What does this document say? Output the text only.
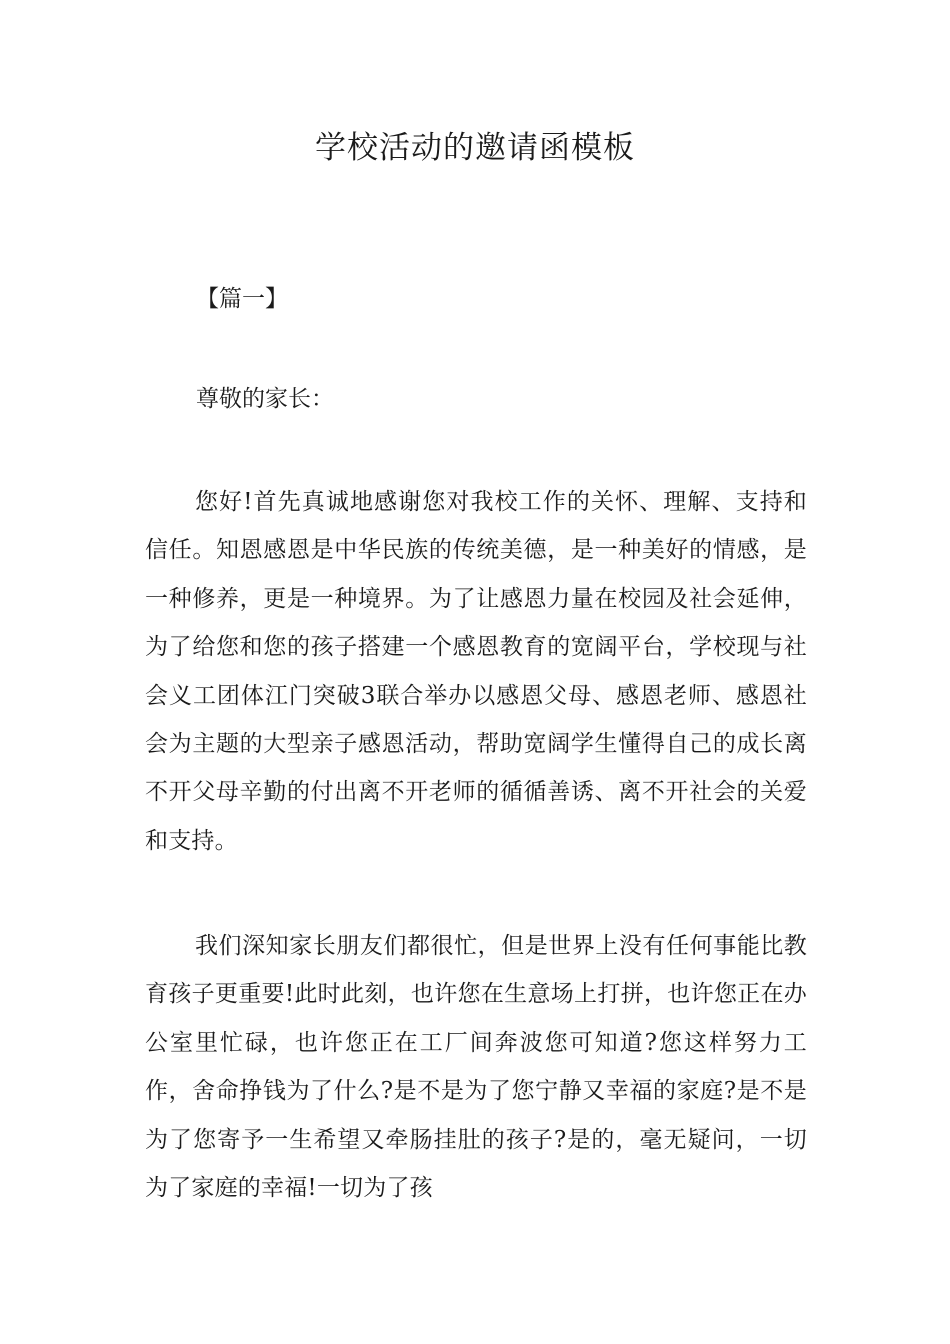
学校活动的邀请函模板
【篇一】
尊敬的家长：

您好!首先真诚地感谢您对我校工作的关怀、理解、支持和信任。知恩感恩是中华民族的传统美德，是一种美好的情感，是一种修养，更是一种境界。为了让感恩力量在校园及社会延伸，为了给您和您的孩子搭建一个感恩教育的宽阔平台，学校现与社会义工团体江门突破3联合举办以感恩父母、感恩老师、感恩社会为主题的大型亲子感恩活动，帮助宽阔学生懂得自己的成长离不开父母辛勤的付出离不开老师的循循善诱、离不开社会的关爱和支持。

我们深知家长朋友们都很忙，但是世界上没有任何事能比教育孩子更重要!此时此刻，也许您在生意场上打拼，也许您正在办公室里忙碌，也许您正在工厂间奔波您可知道?您这样努力工作，舍命挣钱为了什么?是不是为了您宁静又幸福的家庭?是不是为了您寄予一生希望又牵肠挂肚的孩子?是的，毫无疑问，一切为了家庭的幸福!一切为了孩
